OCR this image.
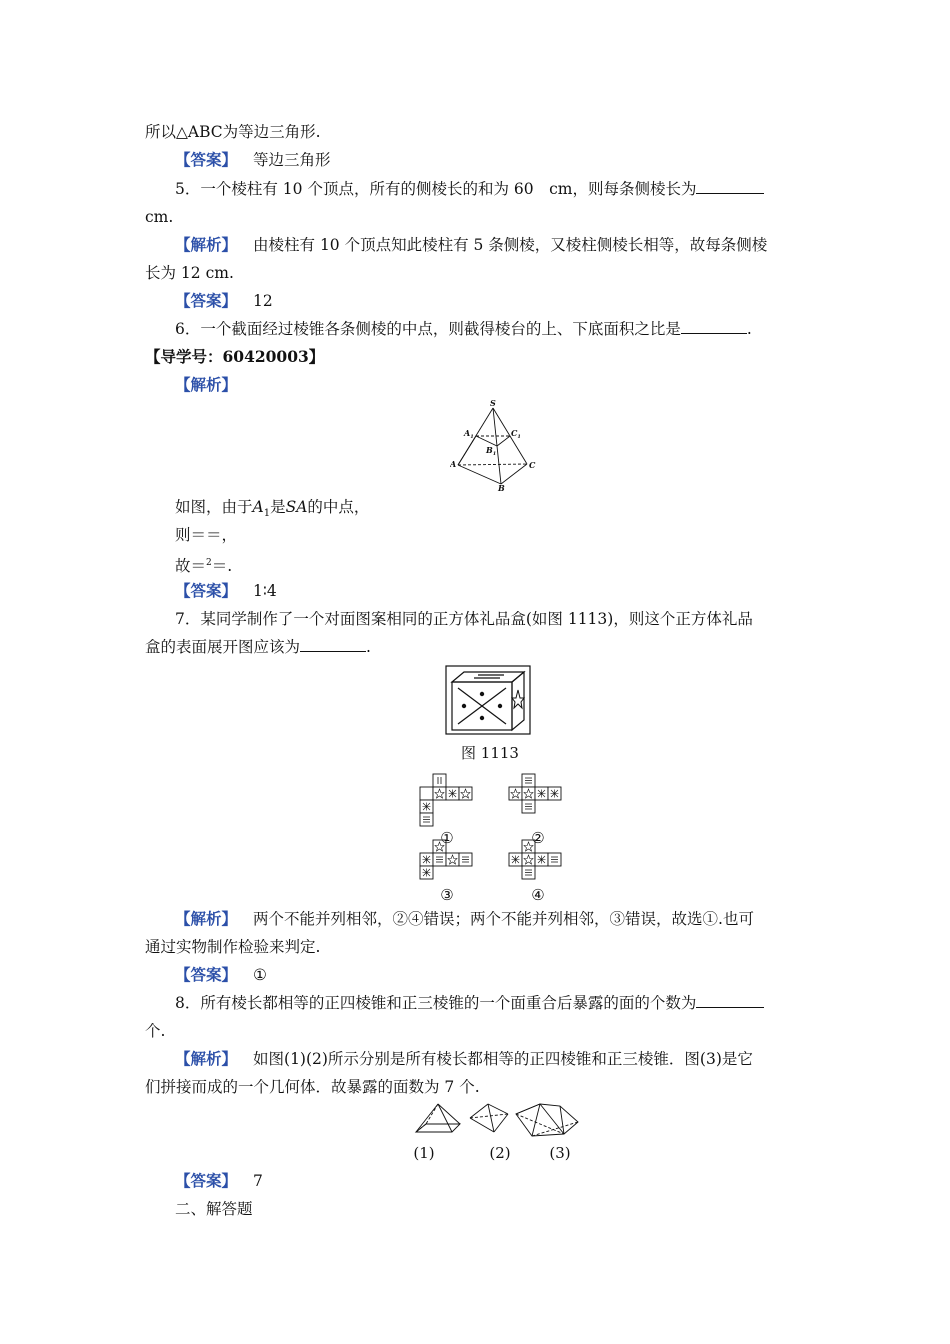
所以△ABC为等边三角形.
【答案】 等边三角形
5．一个棱柱有 10 个顶点，所有的侧棱长的和为 60　cm，则每条侧棱长为
cm.
【解析】 由棱柱有 10 个顶点知此棱柱有 5 条侧棱，又棱柱侧棱长相等，故每条侧棱
长为 12 cm.
【答案】 12
6．一个截面经过棱锥各条侧棱的中点，则截得棱台的上、下底面积之比是	.
【导学号：60420003】
【解析】
S
$A_1$	$C_1$
$B_1$
A	C
B
如图，由于$A_1$是SA的中点，
则＝＝，
故＝$^2$＝.
【答案】 1∶4
7．某同学制作了一个对面图案相同的正方体礼品盒(如图 1113)，则这个正方体礼品
盒的表面展开图应该为	.
图 1113
①	②
③	④
【解析】 两个不能并列相邻，②④错误；两个不能并列相邻，③错误，故选①.也可
通过实物制作检验来判定.
【答案】 ①
8．所有棱长都相等的正四棱锥和正三棱锥的一个面重合后暴露的面的个数为
个.
【解析】 如图(1)(2)所示分别是所有棱长都相等的正四棱锥和正三棱锥．图(3)是它
们拼接而成的一个几何体．故暴露的面数为 7 个.
(1)	(2)	(3)
【答案】 7
二、解答题
